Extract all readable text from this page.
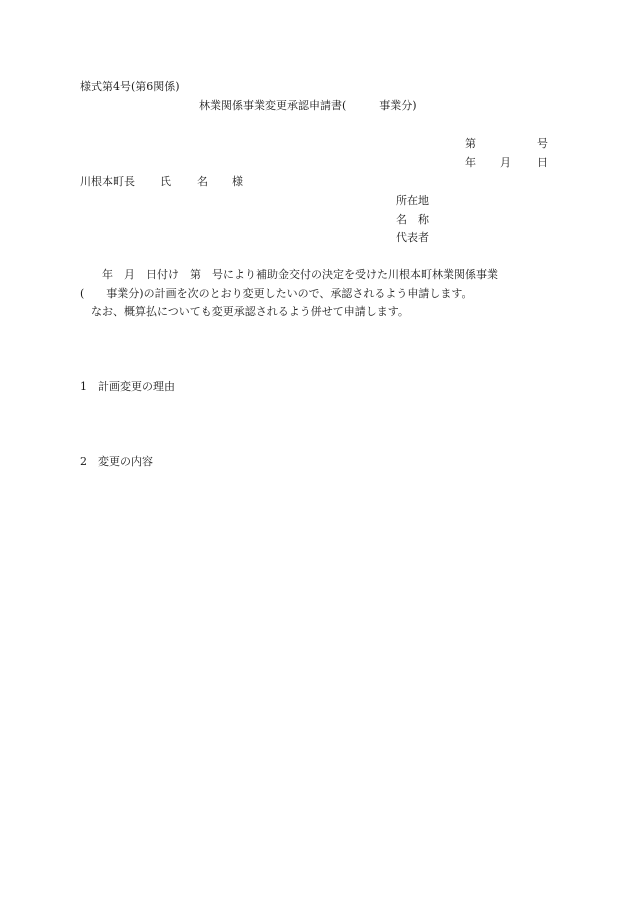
様式第4号(第6関係)
林業関係事業変更承認申請書(　　　事業分)
第	号
年 月 日
川根本町長 氏 名 様
所在地
名　称
代表者
　　年　月　日付け　第　号により補助金交付の決定を受けた川根本町林業関係事業
(　　事業分)の計画を次のとおり変更したいので、承認されるよう申請します。
　なお、概算払についても変更承認されるよう併せて申請します。
1　計画変更の理由
2　変更の内容
